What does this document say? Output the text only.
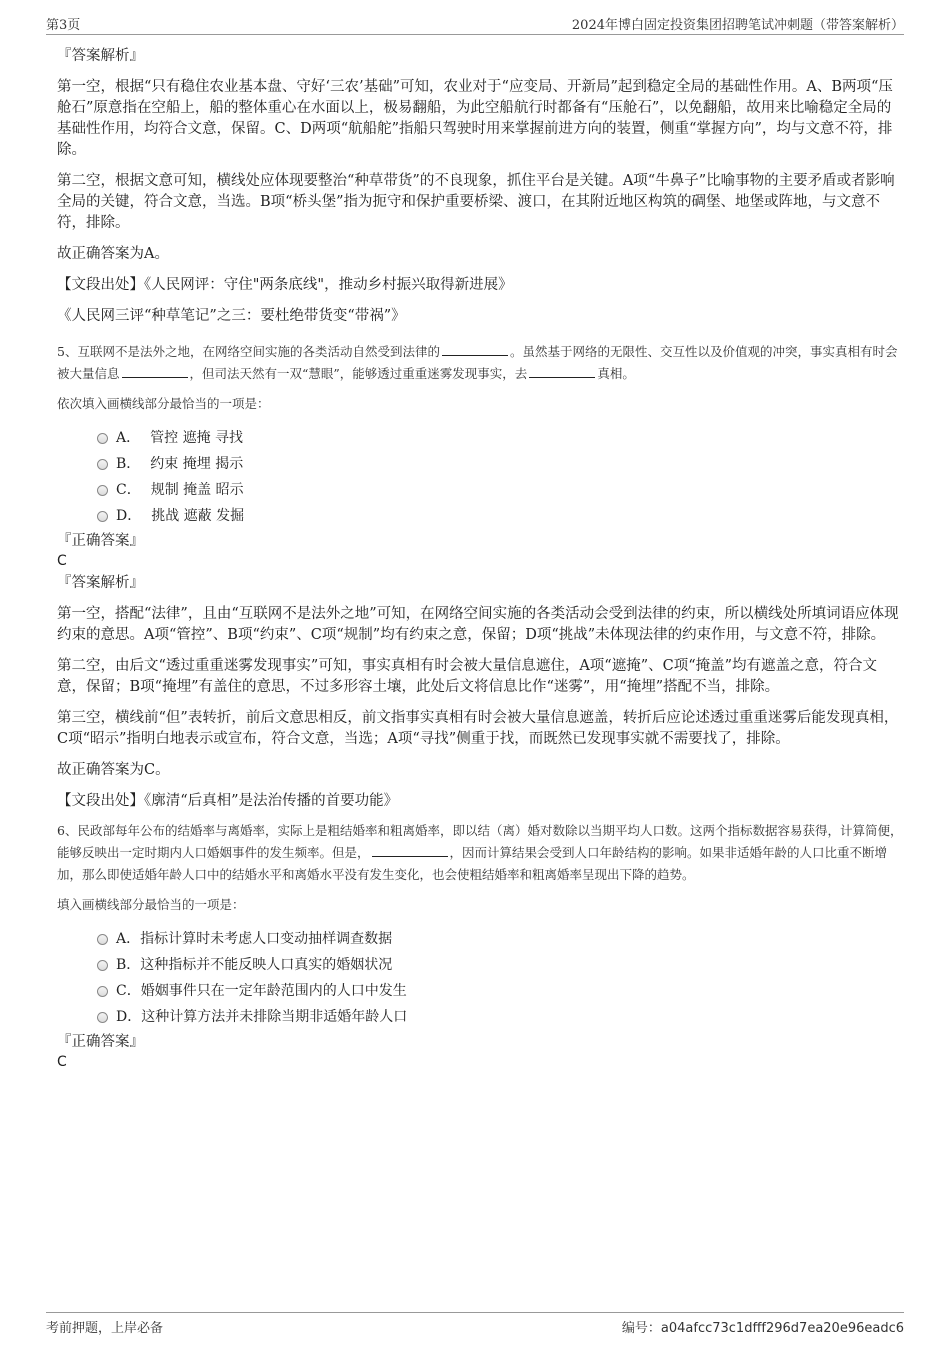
第3页	2024年博白固定投资集团招聘笔试冲刺题（带答案解析）

『答案解析』

第一空，根据“只有稳住农业基本盘、守好‘三农’基础”可知，农业对于“应变局、开新局”起到稳定全局的基础性作用。A、B两项“压舱石”原意指在空船上，船的整体重心在水面以上，极易翻船，为此空船航行时都备有“压舱石”，以免翻船，故用来比喻稳定全局的基础性作用，均符合文意，保留。C、D两项“航船舵”指船只驾驶时用来掌握前进方向的装置，侧重“掌握方向”，均与文意不符，排除。

第二空，根据文意可知，横线处应体现要整治“种草带货”的不良现象，抓住平台是关键。A项“牛鼻子”比喻事物的主要矛盾或者影响全局的关键，符合文意，当选。B项“桥头堡”指为扼守和保护重要桥梁、渡口，在其附近地区构筑的碉堡、地堡或阵地，与文意不符，排除。

故正确答案为A。

【文段出处】《人民网评：守住"两条底线"，推动乡村振兴取得新进展》

《人民网三评“种草笔记”之三：要杜绝带货变“带祸”》

5、互联网不是法外之地，在网络空间实施的各类活动自然受到法律的	。虽然基于网络的无限性、交互性以及价值观的冲突，事实真相有时会被大量信息	，但司法天然有一双“慧眼”，能够透过重重迷雾发现事实，去	真相。

依次填入画横线部分最恰当的一项是：

A． 管控 遮掩 寻找
B． 约束 掩埋 揭示
C． 规制 掩盖 昭示
D． 挑战 遮蔽 发掘

『正确答案』

C

『答案解析』

第一空，搭配“法律”，且由“互联网不是法外之地”可知，在网络空间实施的各类活动会受到法律的约束，所以横线处所填词语应体现约束的意思。A项“管控”、B项“约束”、C项“规制”均有约束之意，保留；D项“挑战”未体现法律的约束作用，与文意不符，排除。

第二空，由后文“透过重重迷雾发现事实”可知，事实真相有时会被大量信息遮住，A项“遮掩”、C项“掩盖”均有遮盖之意，符合文意，保留；B项“掩埋”有盖住的意思，不过多形容土壤，此处后文将信息比作“迷雾”，用“掩埋”搭配不当，排除。

第三空，横线前“但”表转折，前后文意思相反，前文指事实真相有时会被大量信息遮盖，转折后应论述透过重重迷雾后能发现真相，C项“昭示”指明白地表示或宣布，符合文意，当选；A项“寻找”侧重于找，而既然已发现事实就不需要找了，排除。

故正确答案为C。

【文段出处】《廓清“后真相”是法治传播的首要功能》

6、民政部每年公布的结婚率与离婚率，实际上是粗结婚率和粗离婚率，即以结（离）婚对数除以当期平均人口数。这两个指标数据容易获得，计算简便，能够反映出一定时期内人口婚姻事件的发生频率。但是，	，因而计算结果会受到人口年龄结构的影响。如果非适婚年龄的人口比重不断增加，那么即使适婚年龄人口中的结婚水平和离婚水平没有发生变化，也会使粗结婚率和粗离婚率呈现出下降的趋势。

填入画横线部分最恰当的一项是：

A．指标计算时未考虑人口变动抽样调查数据
B．这种指标并不能反映人口真实的婚姻状况
C．婚姻事件只在一定年龄范围内的人口中发生
D．这种计算方法并未排除当期非适婚年龄人口

『正确答案』

C

考前押题，上岸必备	编号：a04afcc73c1dfff296d7ea20e96eadc6
